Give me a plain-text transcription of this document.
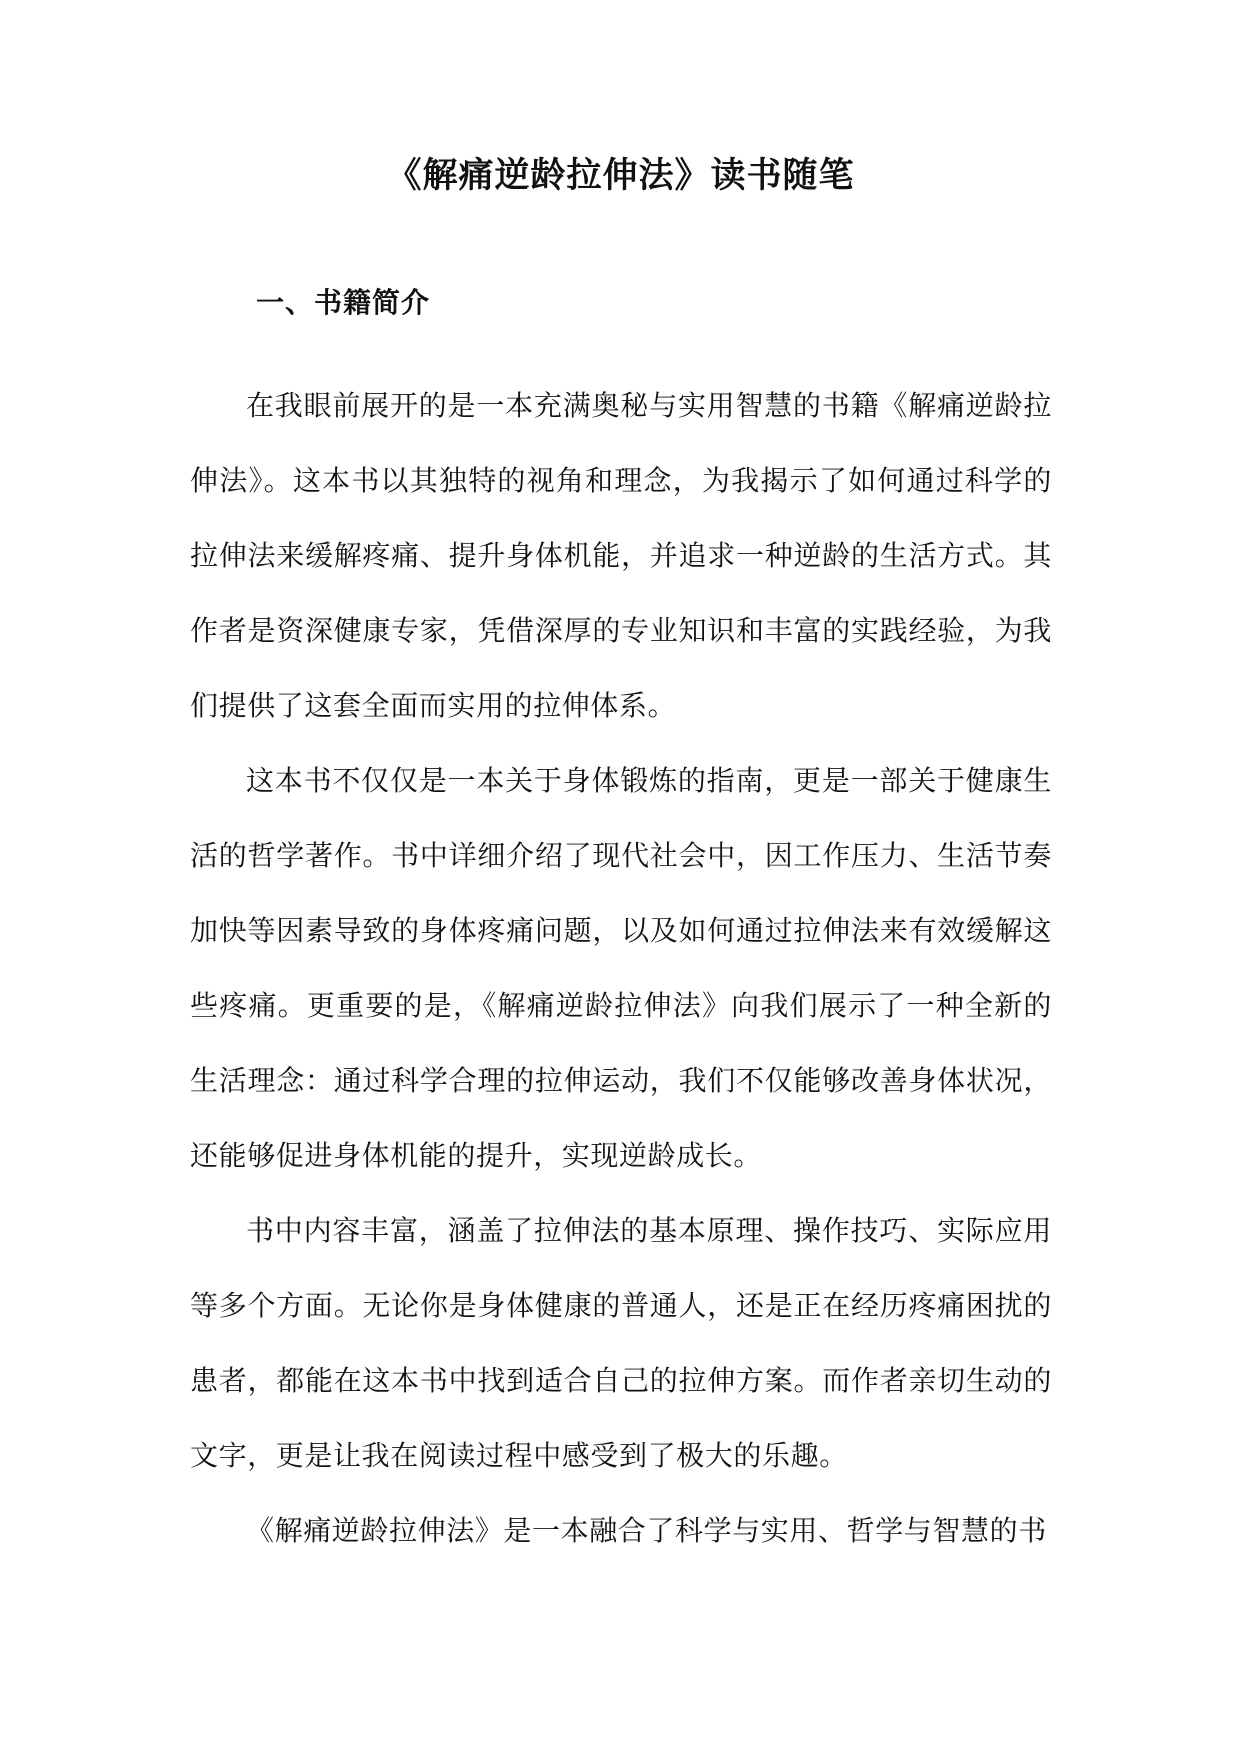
《解痛逆龄拉伸法》读书随笔
一、书籍简介

在我眼前展开的是一本充满奥秘与实用智慧的书籍《解痛逆龄拉伸法》。这本书以其独特的视角和理念，为我揭示了如何通过科学的拉伸法来缓解疼痛、提升身体机能，并追求一种逆龄的生活方式。其作者是资深健康专家，凭借深厚的专业知识和丰富的实践经验，为我们提供了这套全面而实用的拉伸体系。

这本书不仅仅是一本关于身体锻炼的指南，更是一部关于健康生活的哲学著作。书中详细介绍了现代社会中，因工作压力、生活节奏加快等因素导致的身体疼痛问题，以及如何通过拉伸法来有效缓解这些疼痛。更重要的是，《解痛逆龄拉伸法》向我们展示了一种全新的生活理念：通过科学合理的拉伸运动，我们不仅能够改善身体状况，还能够促进身体机能的提升，实现逆龄成长。

书中内容丰富，涵盖了拉伸法的基本原理、操作技巧、实际应用等多个方面。无论你是身体健康的普通人，还是正在经历疼痛困扰的患者，都能在这本书中找到适合自己的拉伸方案。而作者亲切生动的文字，更是让我在阅读过程中感受到了极大的乐趣。

《解痛逆龄拉伸法》是一本融合了科学与实用、哲学与智慧的书
